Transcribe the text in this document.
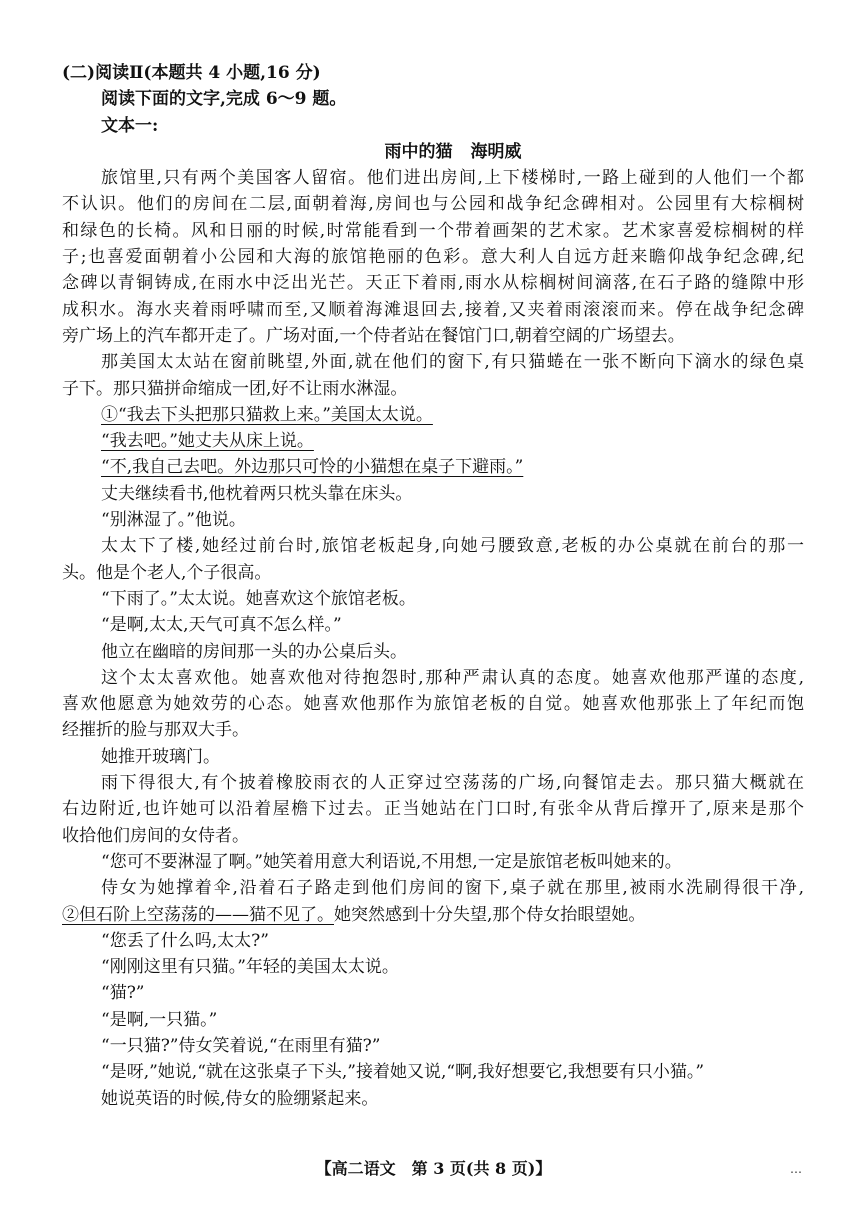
(二)阅读Ⅱ(本题共 4 小题,16 分)
阅读下面的文字,完成 6～9 题。
文本一:
雨中的猫 海明威
旅馆里,只有两个美国客人留宿。他们进出房间,上下楼梯时,一路上碰到的人他们一个都
不认识。他们的房间在二层,面朝着海,房间也与公园和战争纪念碑相对。公园里有大棕榈树
和绿色的长椅。风和日丽的时候,时常能看到一个带着画架的艺术家。艺术家喜爱棕榈树的样
子;也喜爱面朝着小公园和大海的旅馆艳丽的色彩。意大利人自远方赶来瞻仰战争纪念碑,纪
念碑以青铜铸成,在雨水中泛出光芒。天正下着雨,雨水从棕榈树间滴落,在石子路的缝隙中形
成积水。海水夹着雨呼啸而至,又顺着海滩退回去,接着,又夹着雨滚滚而来。停在战争纪念碑
旁广场上的汽车都开走了。广场对面,一个侍者站在餐馆门口,朝着空阔的广场望去。
那美国太太站在窗前眺望,外面,就在他们的窗下,有只猫蜷在一张不断向下滴水的绿色桌
子下。那只猫拼命缩成一团,好不让雨水淋湿。
①“我去下头把那只猫救上来。”美国太太说。
“我去吧。”她丈夫从床上说。
“不,我自己去吧。外边那只可怜的小猫想在桌子下避雨。”
丈夫继续看书,他枕着两只枕头靠在床头。
“别淋湿了。”他说。
太太下了楼,她经过前台时,旅馆老板起身,向她弓腰致意,老板的办公桌就在前台的那一
头。他是个老人,个子很高。
“下雨了。”太太说。她喜欢这个旅馆老板。
“是啊,太太,天气可真不怎么样。”
他立在幽暗的房间那一头的办公桌后头。
这个太太喜欢他。她喜欢他对待抱怨时,那种严肃认真的态度。她喜欢他那严谨的态度,
喜欢他愿意为她效劳的心态。她喜欢他那作为旅馆老板的自觉。她喜欢他那张上了年纪而饱
经摧折的脸与那双大手。
她推开玻璃门。
雨下得很大,有个披着橡胶雨衣的人正穿过空荡荡的广场,向餐馆走去。那只猫大概就在
右边附近,也许她可以沿着屋檐下过去。正当她站在门口时,有张伞从背后撑开了,原来是那个
收拾他们房间的女侍者。
“您可不要淋湿了啊。”她笑着用意大利语说,不用想,一定是旅馆老板叫她来的。
侍女为她撑着伞,沿着石子路走到他们房间的窗下,桌子就在那里,被雨水洗刷得很干净,
②但石阶上空荡荡的——猫不见了。她突然感到十分失望,那个侍女抬眼望她。
“您丢了什么吗,太太?”
“刚刚这里有只猫。”年轻的美国太太说。
“猫?”
“是啊,一只猫。”
“一只猫?”侍女笑着说,“在雨里有猫?”
“是呀,”她说,“就在这张桌子下头,”接着她又说,“啊,我好想要它,我想要有只小猫。”
她说英语的时候,侍女的脸绷紧起来。
【高二语文　第 3 页(共 8 页)】	…
